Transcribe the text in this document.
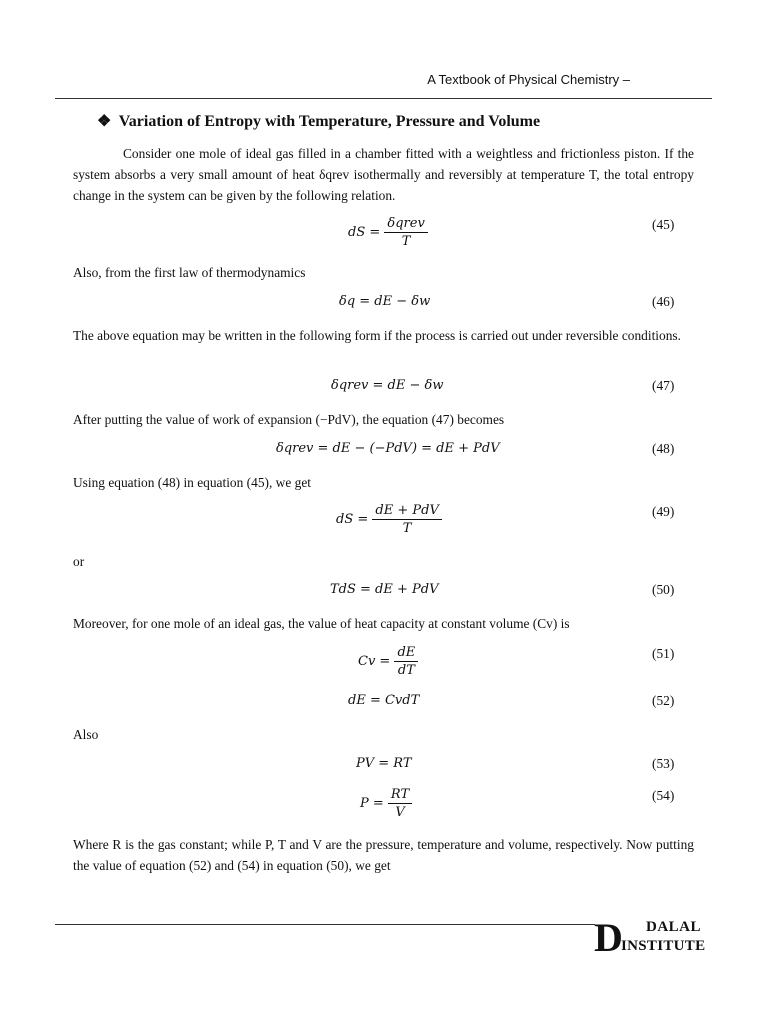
A Textbook of Physical Chemistry –
❖ Variation of Entropy with Temperature, Pressure and Volume
Consider one mole of ideal gas filled in a chamber fitted with a weightless and frictionless piston. If the system absorbs a very small amount of heat δqrev isothermally and reversibly at temperature T, the total entropy change in the system can be given by the following relation.
dS = $\frac{\text{δqrev}}{T}$	(45)
Also, from the first law of thermodynamics
δq = dE − δw	(46)
The above equation may be written in the following form if the process is carried out under reversible conditions.
δqrev = dE − δw	(47)
After putting the value of work of expansion (−PdV), the equation (47) becomes
δqrev = dE − (−PdV) = dE + PdV	(48)
Using equation (48) in equation (45), we get
dS = $\frac{\text{dE + PdV}}{T}$	(49)
or
TdS = dE + PdV	(50)
Moreover, for one mole of an ideal gas, the value of heat capacity at constant volume (Cv) is
$Cv = \frac{dE}{dT}$	(51)
dE = CvdT	(52)
Also
PV = RT	(53)
$P = \frac{RT}{V}$	(54)
Where R is the gas constant; while P, T and V are the pressure, temperature and volume, respectively. Now putting the value of equation (52) and (54) in equation (50), we get
D DALAL
INSTITUTE
